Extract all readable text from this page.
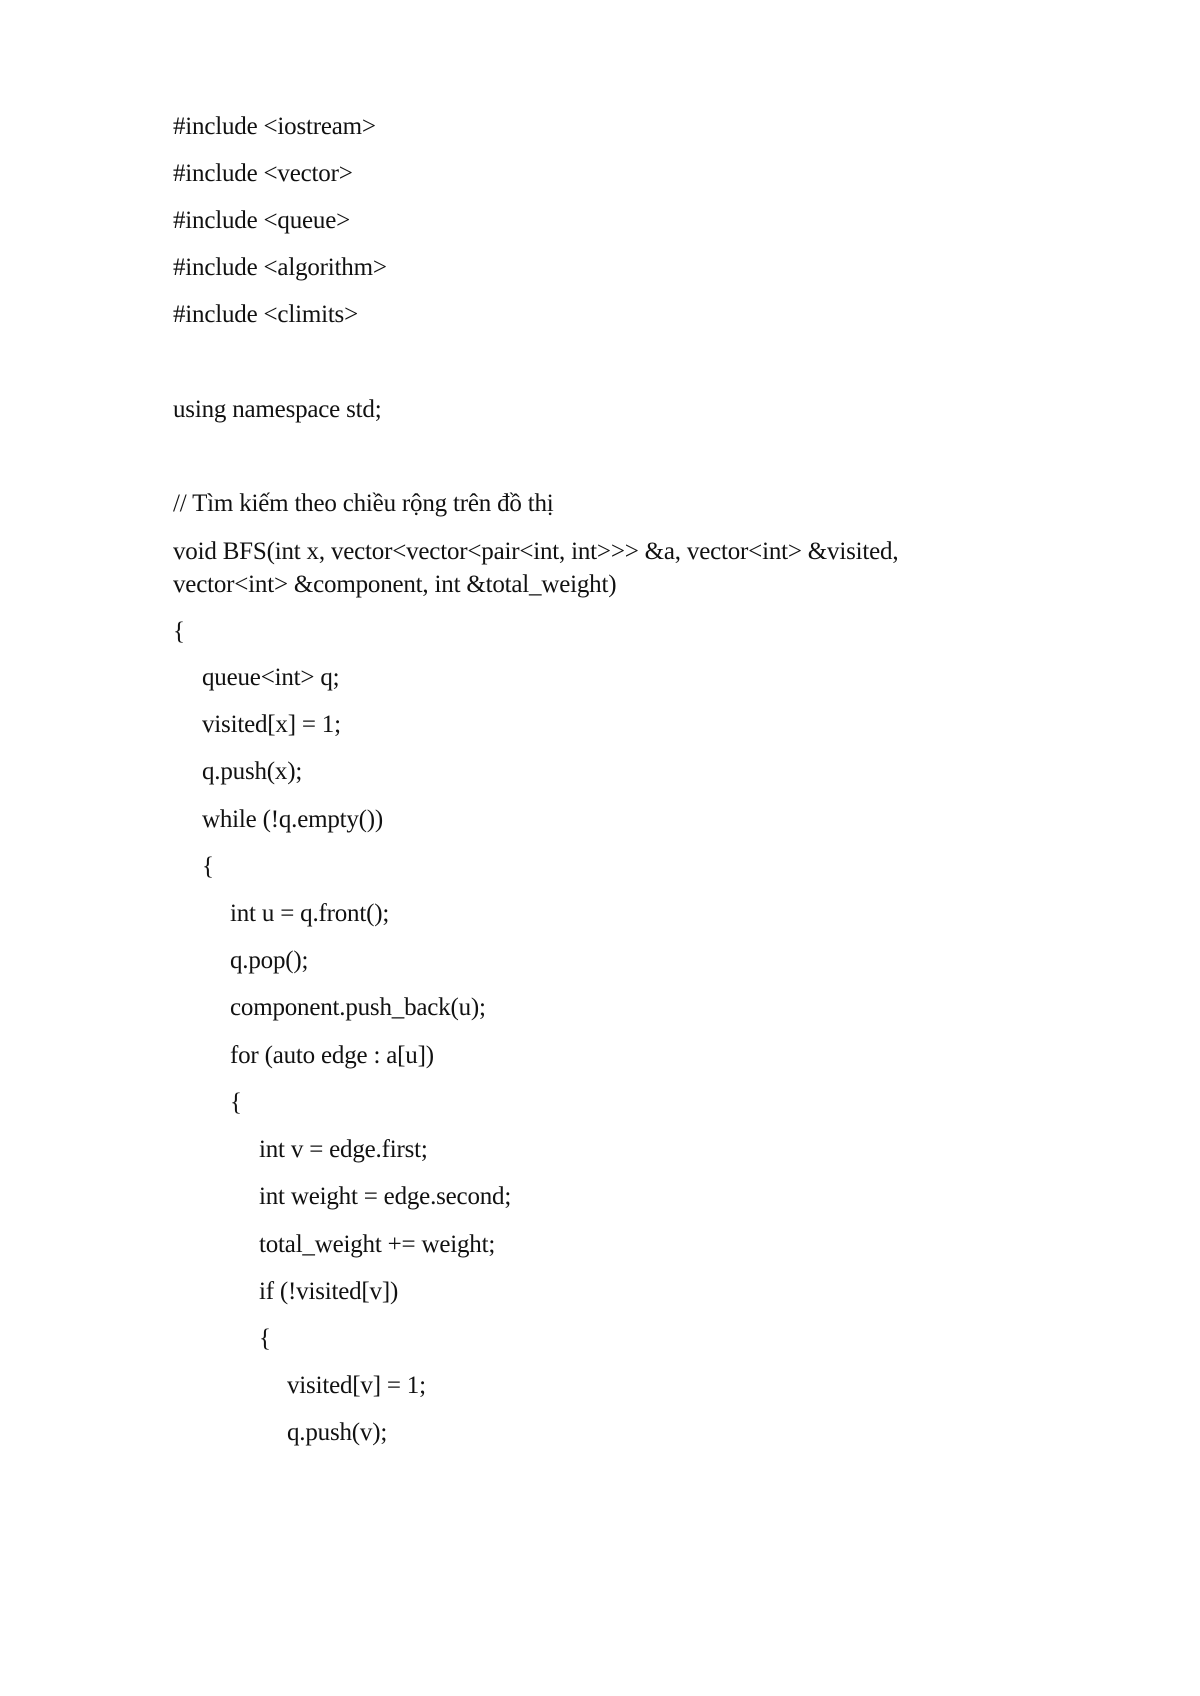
#include <iostream>
#include <vector>
#include <queue>
#include <algorithm>
#include <climits>
using namespace std;
// Tìm kiếm theo chiều rộng trên đồ thị
void BFS(int x, vector<vector<pair<int, int>>> &a, vector<int> &visited,
vector<int> &component, int &total_weight)
{
queue<int> q;
visited[x] = 1;
q.push(x);
while (!q.empty())
{
int u = q.front();
q.pop();
component.push_back(u);
for (auto edge : a[u])
{
int v = edge.first;
int weight = edge.second;
total_weight += weight;
if (!visited[v])
{
visited[v] = 1;
q.push(v);
